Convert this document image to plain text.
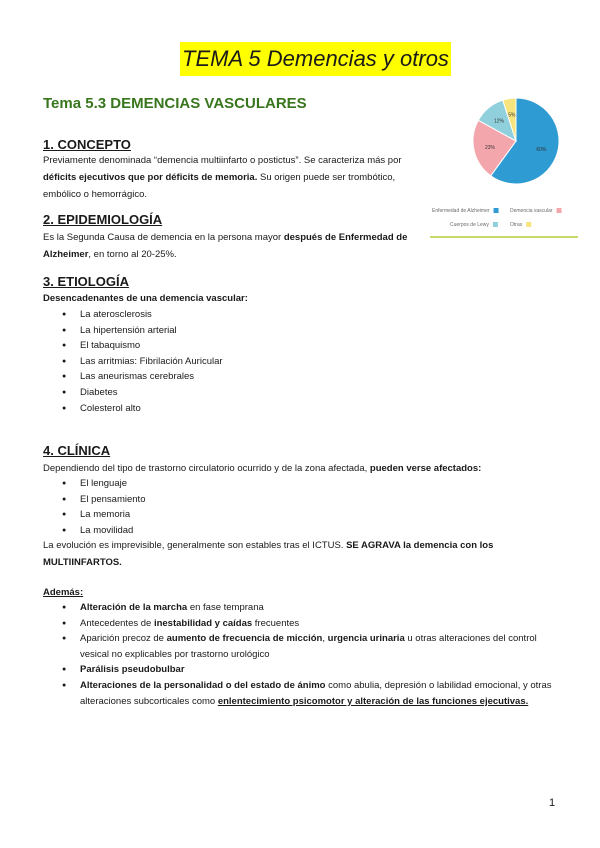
TEMA 5 Demencias y otros
Tema 5.3 DEMENCIAS VASCULARES
60%
23%
12%
5%
Enfermedad de Alzheimer	Demencia vascular
Cuerpos de Lewy	Otras
1. CONCEPTO
Previamente denominada “demencia multiinfarto o postictus”. Se caracteriza más por déficits ejecutivos que por déficits de memoria. Su origen puede ser trombótico, embólico o hemorrágico.
2. EPIDEMIOLOGÍA
Es la Segunda Causa de demencia en la persona mayor después de Enfermedad de Alzheimer, en torno al 20-25%.
3. ETIOLOGÍA
Desencadenantes de una demencia vascular:
● La aterosclerosis
● La hipertensión arterial
● El tabaquismo
● Las arritmias: Fibrilación Auricular
● Las aneurismas cerebrales
● Diabetes
● Colesterol alto
4. CLÍNICA
Dependiendo del tipo de trastorno circulatorio ocurrido y de la zona afectada, pueden verse afectados:
● El lenguaje
● El pensamiento
● La memoria
● La movilidad
La evolución es imprevisible, generalmente son estables tras el ICTUS. SE AGRAVA la demencia con los MULTIINFARTOS.
Además:
● Alteración de la marcha en fase temprana
● Antecedentes de inestabilidad y caídas frecuentes
● Aparición precoz de aumento de frecuencia de micción, urgencia urinaria u otras alteraciones del control vesical no explicables por trastorno urológico
● Parálisis pseudobulbar
● Alteraciones de la personalidad o del estado de ánimo como abulia, depresión o labilidad emocional, y otras alteraciones subcorticales como enlentecimiento psicomotor y alteración de las funciones ejecutivas.
1
